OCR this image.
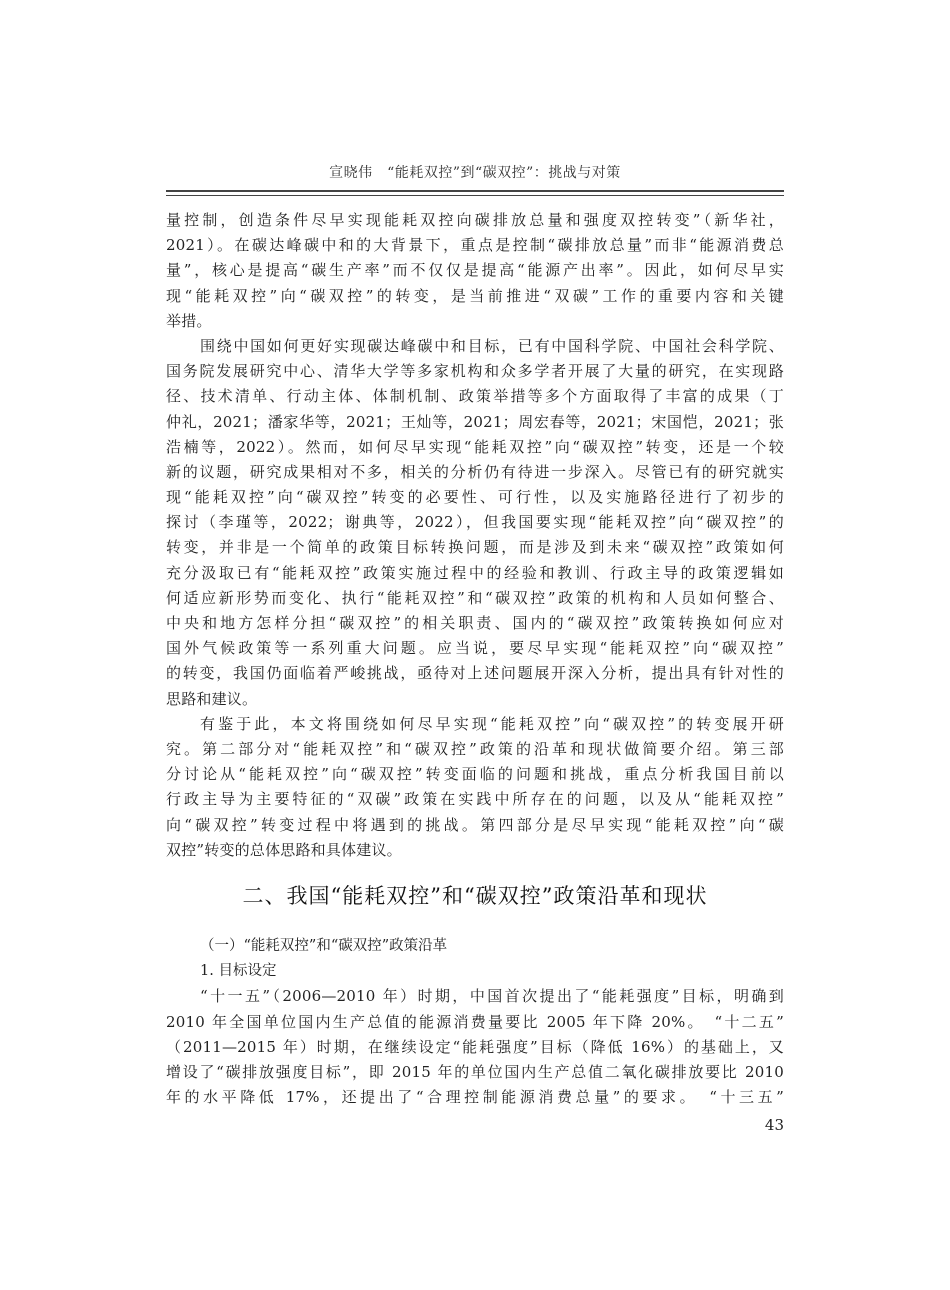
宣晓伟　“能耗双控”到“碳双控”：挑战与对策
量控制，创造条件尽早实现能耗双控向碳排放总量和强度双控转变”（新华社，
2021）。在碳达峰碳中和的大背景下，重点是控制“碳排放总量”而非“能源消费总
量”，核心是提高“碳生产率”而不仅仅是提高“能源产出率”。因此，如何尽早实
现“能耗双控”向“碳双控”的转变，是当前推进“双碳”工作的重要内容和关键
举措。
围绕中国如何更好实现碳达峰碳中和目标，已有中国科学院、中国社会科学院、
国务院发展研究中心、清华大学等多家机构和众多学者开展了大量的研究，在实现路
径、技术清单、行动主体、体制机制、政策举措等多个方面取得了丰富的成果（丁
仲礼，2021；潘家华等，2021；王灿等，2021；周宏春等，2021；宋国恺，2021；张
浩楠等，2022）。然而，如何尽早实现“能耗双控”向“碳双控”转变，还是一个较
新的议题，研究成果相对不多，相关的分析仍有待进一步深入。尽管已有的研究就实
现“能耗双控”向“碳双控”转变的必要性、可行性，以及实施路径进行了初步的
探讨（李瑾等，2022；谢典等，2022），但我国要实现“能耗双控”向“碳双控”的
转变，并非是一个简单的政策目标转换问题，而是涉及到未来“碳双控”政策如何
充分汲取已有“能耗双控”政策实施过程中的经验和教训、行政主导的政策逻辑如
何适应新形势而变化、执行“能耗双控”和“碳双控”政策的机构和人员如何整合、
中央和地方怎样分担“碳双控”的相关职责、国内的“碳双控”政策转换如何应对
国外气候政策等一系列重大问题。应当说，要尽早实现“能耗双控”向“碳双控”
的转变，我国仍面临着严峻挑战，亟待对上述问题展开深入分析，提出具有针对性的
思路和建议。
有鉴于此，本文将围绕如何尽早实现“能耗双控”向“碳双控”的转变展开研
究。第二部分对“能耗双控”和“碳双控”政策的沿革和现状做简要介绍。第三部
分讨论从“能耗双控”向“碳双控”转变面临的问题和挑战，重点分析我国目前以
行政主导为主要特征的“双碳”政策在实践中所存在的问题，以及从“能耗双控”
向“碳双控”转变过程中将遇到的挑战。第四部分是尽早实现“能耗双控”向“碳
双控”转变的总体思路和具体建议。
二、我国“能耗双控”和“碳双控”政策沿革和现状
（一）“能耗双控”和“碳双控”政策沿革
1. 目标设定
“十一五”（2006—2010 年）时期，中国首次提出了“能耗强度”目标，明确到
2010 年全国单位国内生产总值的能源消费量要比 2005 年下降 20%。　“十二五”
（2011—2015 年）时期，在继续设定“能耗强度”目标（降低 16%）的基础上，又
增设了“碳排放强度目标”，即 2015 年的单位国内生产总值二氧化碳排放要比 2010
年的水平降低 17%，还提出了“合理控制能源消费总量”的要求。　“十三五”
43
